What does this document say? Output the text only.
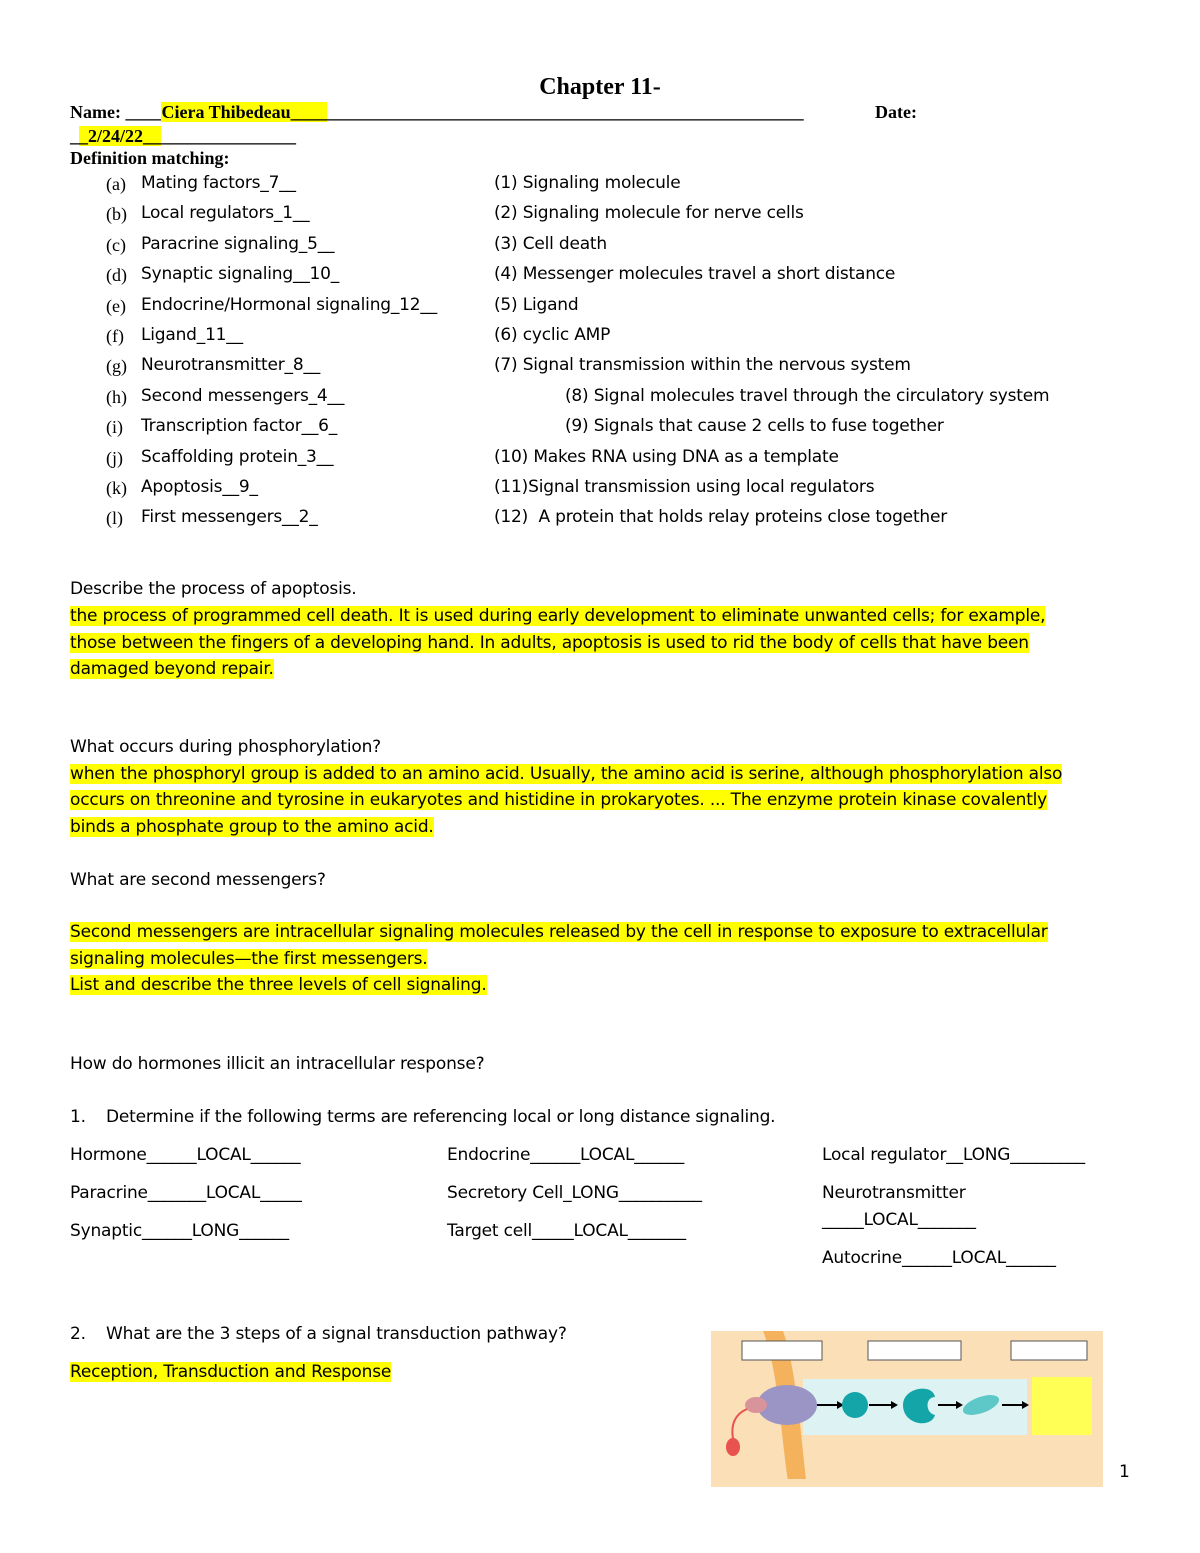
Chapter 11-
Name: ____Ciera Thibedeau_________________________________________________________	Date:
__2/24/22_________________
Definition matching:
(a) Mating factors_7__	(1) Signaling molecule
(b) Local regulators_1__	(2) Signaling molecule for nerve cells
(c) Paracrine signaling_5__	(3) Cell death
(d) Synaptic signaling__10_	(4) Messenger molecules travel a short distance
(e) Endocrine/Hormonal signaling_12__	(5) Ligand
(f) Ligand_11__	(6) cyclic AMP
(g) Neurotransmitter_8__	(7) Signal transmission within the nervous system
(h) Second messengers_4__	(8) Signal molecules travel through the circulatory system
(i) Transcription factor__6_	(9) Signals that cause 2 cells to fuse together
(j) Scaffolding protein_3__	(10) Makes RNA using DNA as a template
(k) Apoptosis__9_	(11)Signal transmission using local regulators
(l) First messengers__2_	(12)  A protein that holds relay proteins close together
Describe the process of apoptosis.
the process of programmed cell death. It is used during early development to eliminate unwanted cells; for example,
those between the fingers of a developing hand. In adults, apoptosis is used to rid the body of cells that have been
damaged beyond repair.
What occurs during phosphorylation?
when the phosphoryl group is added to an amino acid. Usually, the amino acid is serine, although phosphorylation also
occurs on threonine and tyrosine in eukaryotes and histidine in prokaryotes. ... The enzyme protein kinase covalently
binds a phosphate group to the amino acid.
What are second messengers?
Second messengers are intracellular signaling molecules released by the cell in response to exposure to extracellular
signaling molecules—the first messengers.
List and describe the three levels of cell signaling.
How do hormones illicit an intracellular response?
1. Determine if the following terms are referencing local or long distance signaling.
Hormone______LOCAL______
Paracrine_______LOCAL_____
Synaptic______LONG______
Endocrine______LOCAL______
Secretory Cell_LONG__________
Target cell_____LOCAL_______
Local regulator__LONG_________
Neurotransmitter
_____LOCAL_______
Autocrine______LOCAL______
2. What are the 3 steps of a signal transduction pathway?
Reception, Transduction and Response
1
